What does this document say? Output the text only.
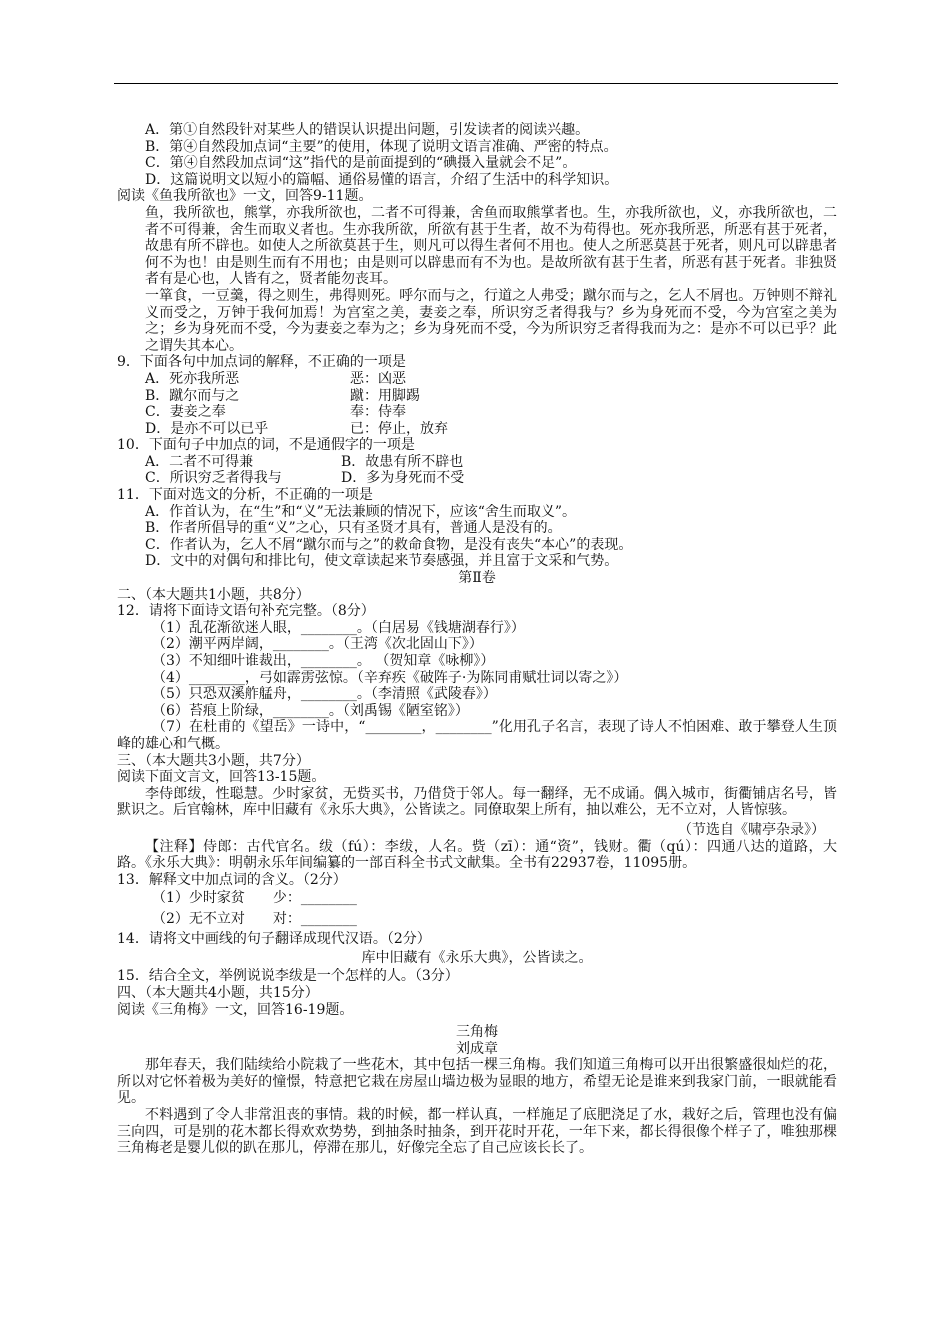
A．第①自然段针对某些人的错误认识提出问题，引发读者的阅读兴趣。
B．第④自然段加点词“主要”的使用，体现了说明文语言准确、严密的特点。
C．第④自然段加点词“这”指代的是前面提到的“碘摄入量就会不足”。
D．这篇说明文以短小的篇幅、通俗易懂的语言，介绍了生活中的科学知识。
阅读《鱼我所欲也》一文，回答9-11题。
鱼，我所欲也，熊掌，亦我所欲也，二者不可得兼，舍鱼而取熊掌者也。生，亦我所欲也，义，亦我所欲也，二者不可得兼，舍生而取义者也。生亦我所欲，所欲有甚于生者，故不为苟得也。死亦我所恶，所恶有甚于死者，故患有所不辟也。如使人之所欲莫甚于生，则凡可以得生者何不用也。使人之所恶莫甚于死者，则凡可以辟患者何不为也！由是则生而有不用也；由是则可以辟患而有不为也。是故所欲有甚于生者，所恶有甚于死者。非独贤者有是心也，人皆有之，贤者能勿丧耳。
一箪食，一豆羹，得之则生，弗得则死。呼尔而与之，行道之人弗受；蹴尔而与之，乞人不屑也。万钟则不辩礼义而受之，万钟于我何加焉！为宫室之美，妻妾之奉，所识穷乏者得我与？乡为身死而不受，今为宫室之美为之；乡为身死而不受，今为妻妾之奉为之；乡为身死而不受，今为所识穷乏者得我而为之：是亦不可以已乎？此之谓失其本心。
9．下面各句中加点词的解释，不正确的一项是
A．死亦我所恶	恶：凶恶
B．蹴尔而与之	蹴：用脚踢
C．妻妾之奉	奉：侍奉
D．是亦不可以已乎	已：停止，放弃
10．下面句子中加点的词，不是通假字的一项是
A．二者不可得兼	B．故患有所不辟也
C．所识穷乏者得我与	D．多为身死而不受
11．下面对选文的分析，不正确的一项是
A．作首认为，在“生”和“义”无法兼顾的情况下，应该“舍生而取义”。
B．作者所倡导的重“义”之心，只有圣贤才具有，普通人是没有的。
C．作者认为，乞人不屑“蹴尔而与之”的救命食物，是没有丧失“本心”的表现。
D．文中的对偶句和排比句，使文章读起来节奏感强，并且富于文采和气势。
第Ⅱ卷
二、（本大题共1小题，共8分）
12．请将下面诗文语句补充完整。（8分）
（1）乱花渐欲迷人眼，________。（白居易《钱塘湖春行》）
（2）潮平两岸阔，________。（王湾《次北固山下》）
（3）不知细叶谁裁出，________。 （贺知章《咏柳》）
（4）________，弓如霹雳弦惊。（辛弃疾《破阵子·为陈同甫赋壮词以寄之》）
（5）只恐双溪舴艋舟，________。（李清照《武陵春》）
（6）苔痕上阶绿，________。（刘禹锡《陋室铭》）
（7）在杜甫的《望岳》一诗中，“________，________”化用孔子名言，表现了诗人不怕困难、敢于攀登人生顶峰的雄心和气概。
三、（本大题共3小题，共7分）
阅读下面文言文，回答13-15题。
李侍郎绂，性聪慧。少时家贫，无赀买书，乃借贷于邻人。每一翻绎，无不成诵。偶入城市，街衢铺店名号，皆默识之。后官翰林，库中旧藏有《永乐大典》，公皆读之。同僚取架上所有，抽以难公，无不立对，人皆惊骇。
（节选自《啸亭杂录》）
【注释】侍郎：古代官名。绂（fú）：李绂，人名。赀（zī）：通“资”，钱财。衢（qú）：四通八达的道路，大路。《永乐大典》：明朝永乐年间编纂的一部百科全书式文献集。全书有22937卷，11095册。
13．解释文中加点词的含义。（2分）
（1）少时家贫　　少：________
（2）无不立对　　对：________
14．请将文中画线的句子翻译成现代汉语。（2分）
库中旧藏有《永乐大典》，公皆读之。
15．结合全文，举例说说李绂是一个怎样的人。（3分）
四、（本大题共4小题，共15分）
阅读《三角梅》一文，回答16-19题。
三角梅
刘成章
那年春天，我们陆续给小院栽了一些花木，其中包括一棵三角梅。我们知道三角梅可以开出很繁盛很灿烂的花，所以对它怀着极为美好的憧憬，特意把它栽在房屋山墙边极为显眼的地方，希望无论是谁来到我家门前，一眼就能看见。
不料遇到了令人非常沮丧的事情。栽的时候，都一样认真，一样施足了底肥浇足了水，栽好之后，管理也没有偏三向四，可是别的花木都长得欢欢势势，到抽条时抽条，到开花时开花，一年下来，都长得很像个样子了，唯独那棵三角梅老是婴儿似的趴在那儿，停滞在那儿，好像完全忘了自己应该长长了。
